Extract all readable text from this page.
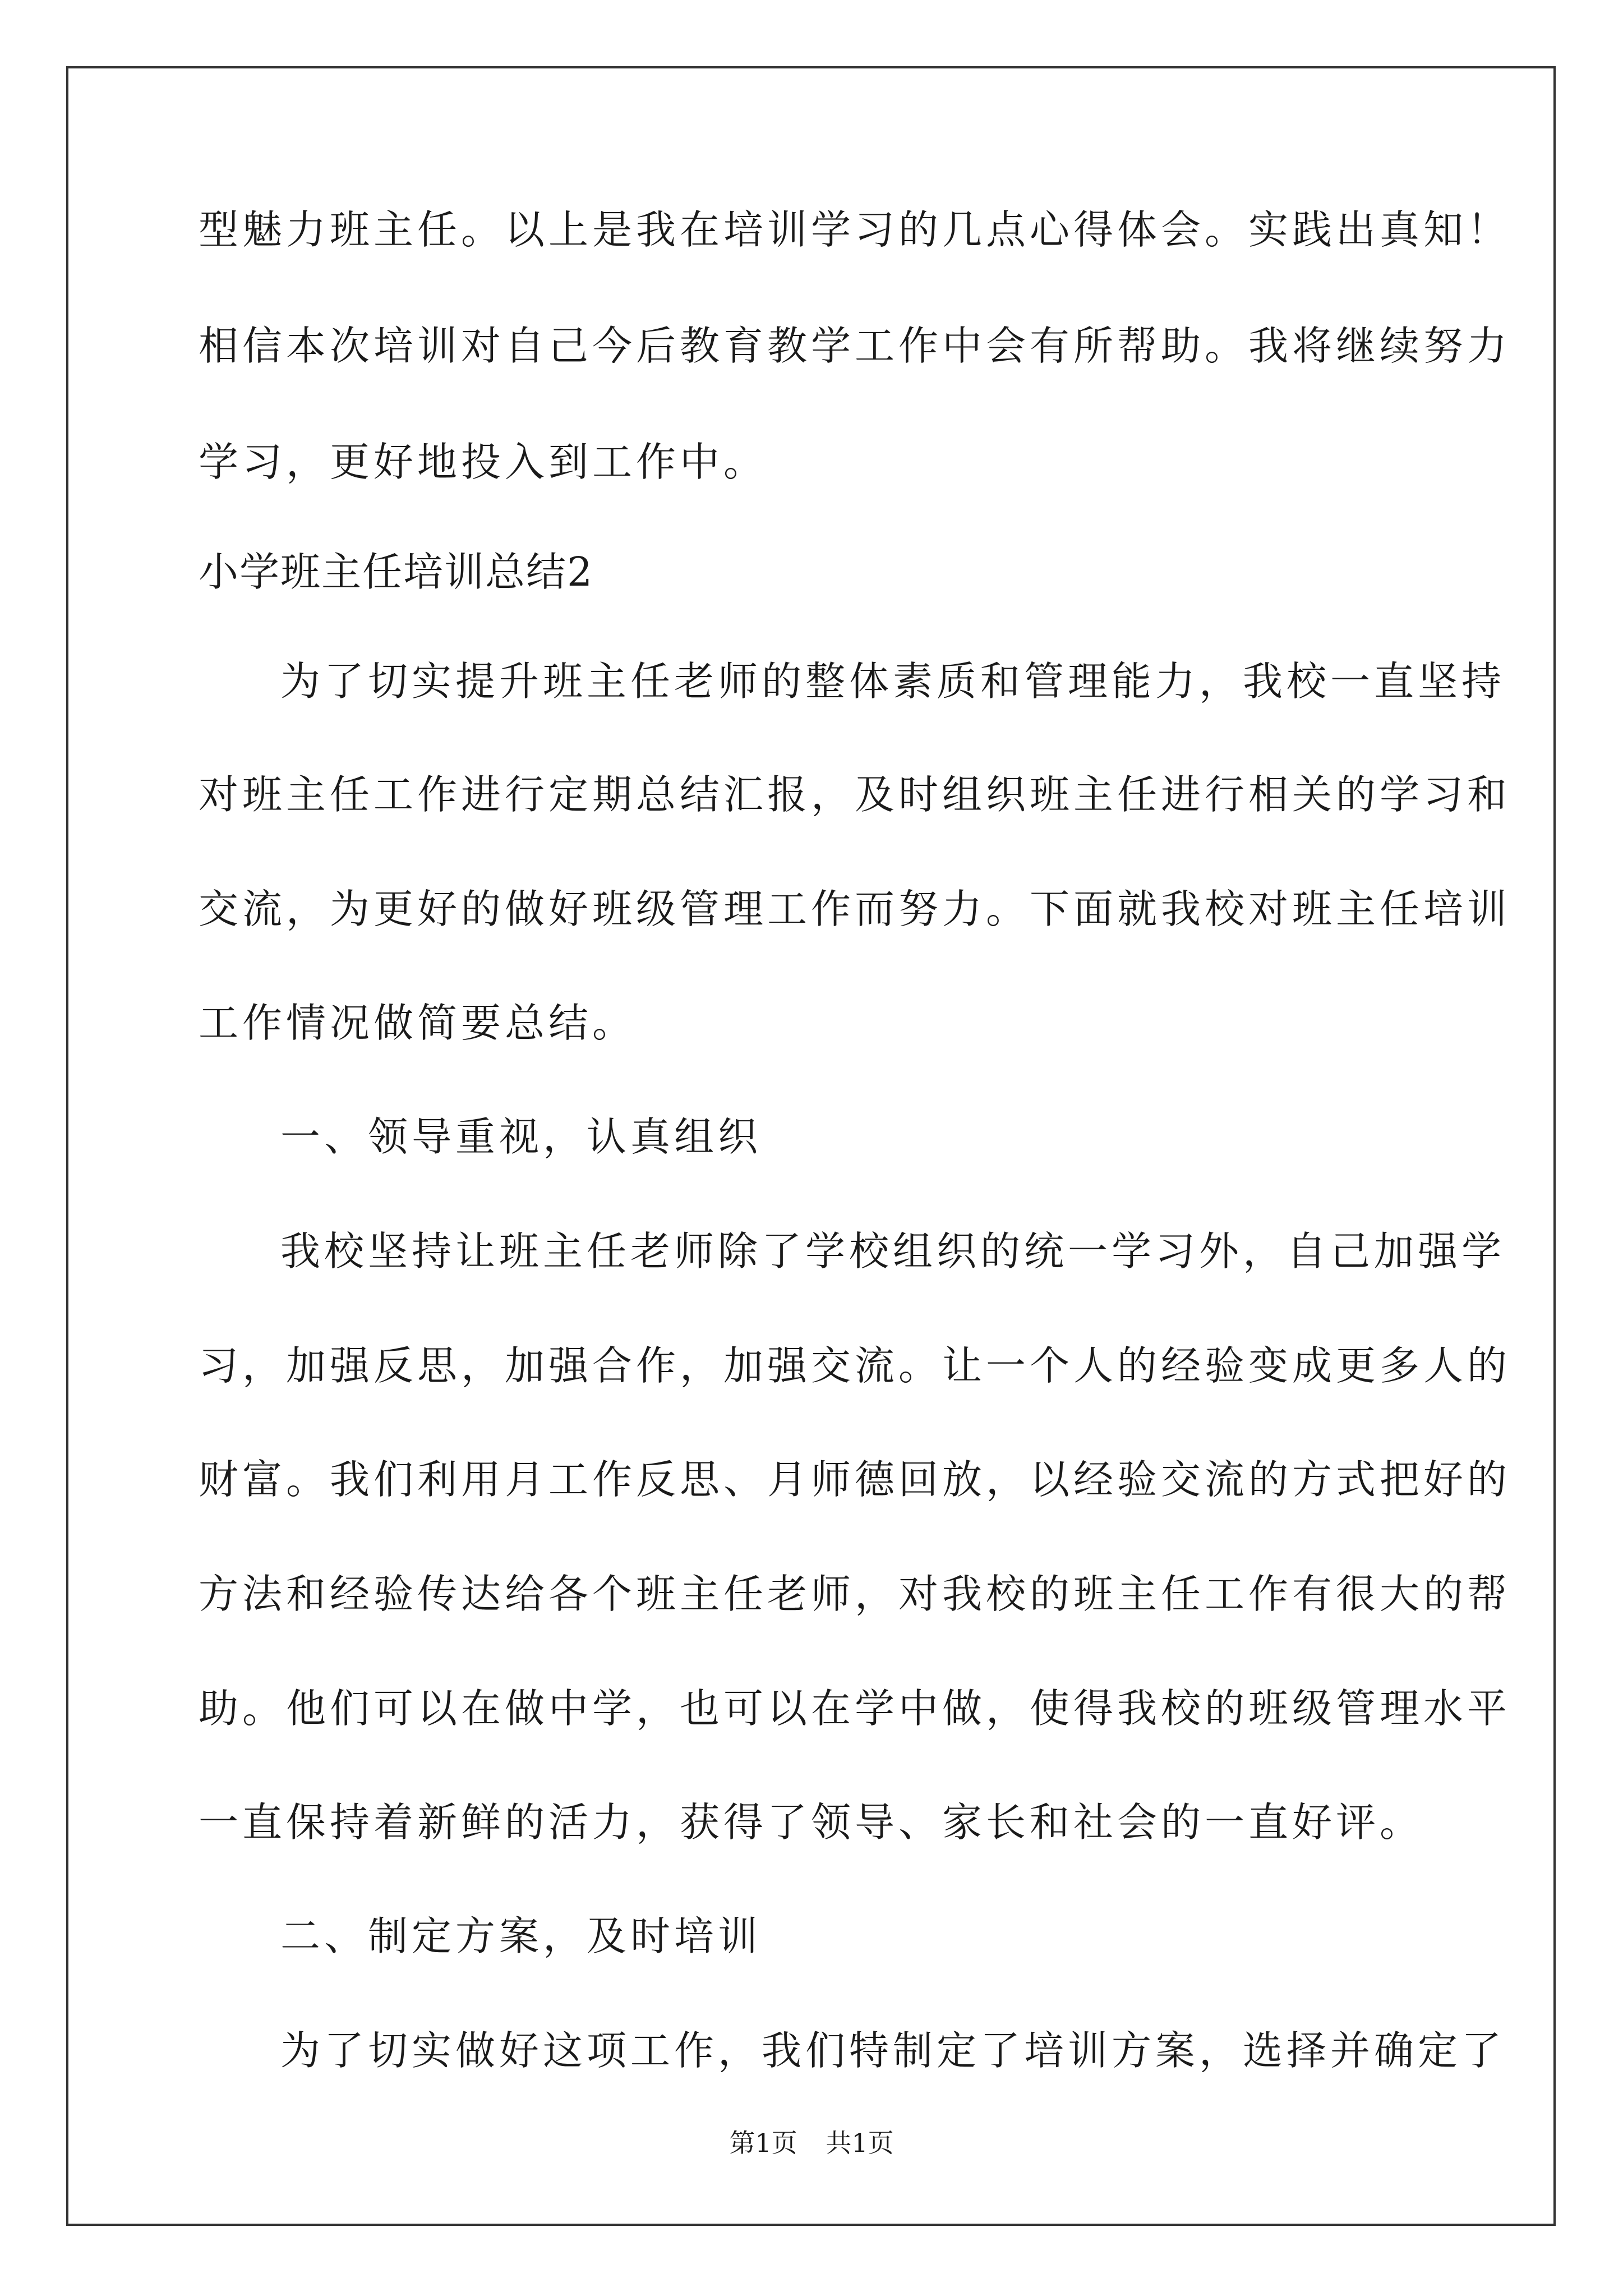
型魅力班主任。以上是我在培训学习的几点心得体会。实践出真知！
相信本次培训对自己今后教育教学工作中会有所帮助。我将继续努力
学习，更好地投入到工作中。
小学班主任培训总结2
为了切实提升班主任老师的整体素质和管理能力，我校一直坚持
对班主任工作进行定期总结汇报，及时组织班主任进行相关的学习和
交流，为更好的做好班级管理工作而努力。下面就我校对班主任培训
工作情况做简要总结。
一、领导重视，认真组织
我校坚持让班主任老师除了学校组织的统一学习外，自己加强学
习，加强反思，加强合作，加强交流。让一个人的经验变成更多人的
财富。我们利用月工作反思、月师德回放，以经验交流的方式把好的
方法和经验传达给各个班主任老师，对我校的班主任工作有很大的帮
助。他们可以在做中学，也可以在学中做，使得我校的班级管理水平
一直保持着新鲜的活力，获得了领导、家长和社会的一直好评。
二、制定方案，及时培训
为了切实做好这项工作，我们特制定了培训方案，选择并确定了
第1页 共1页
